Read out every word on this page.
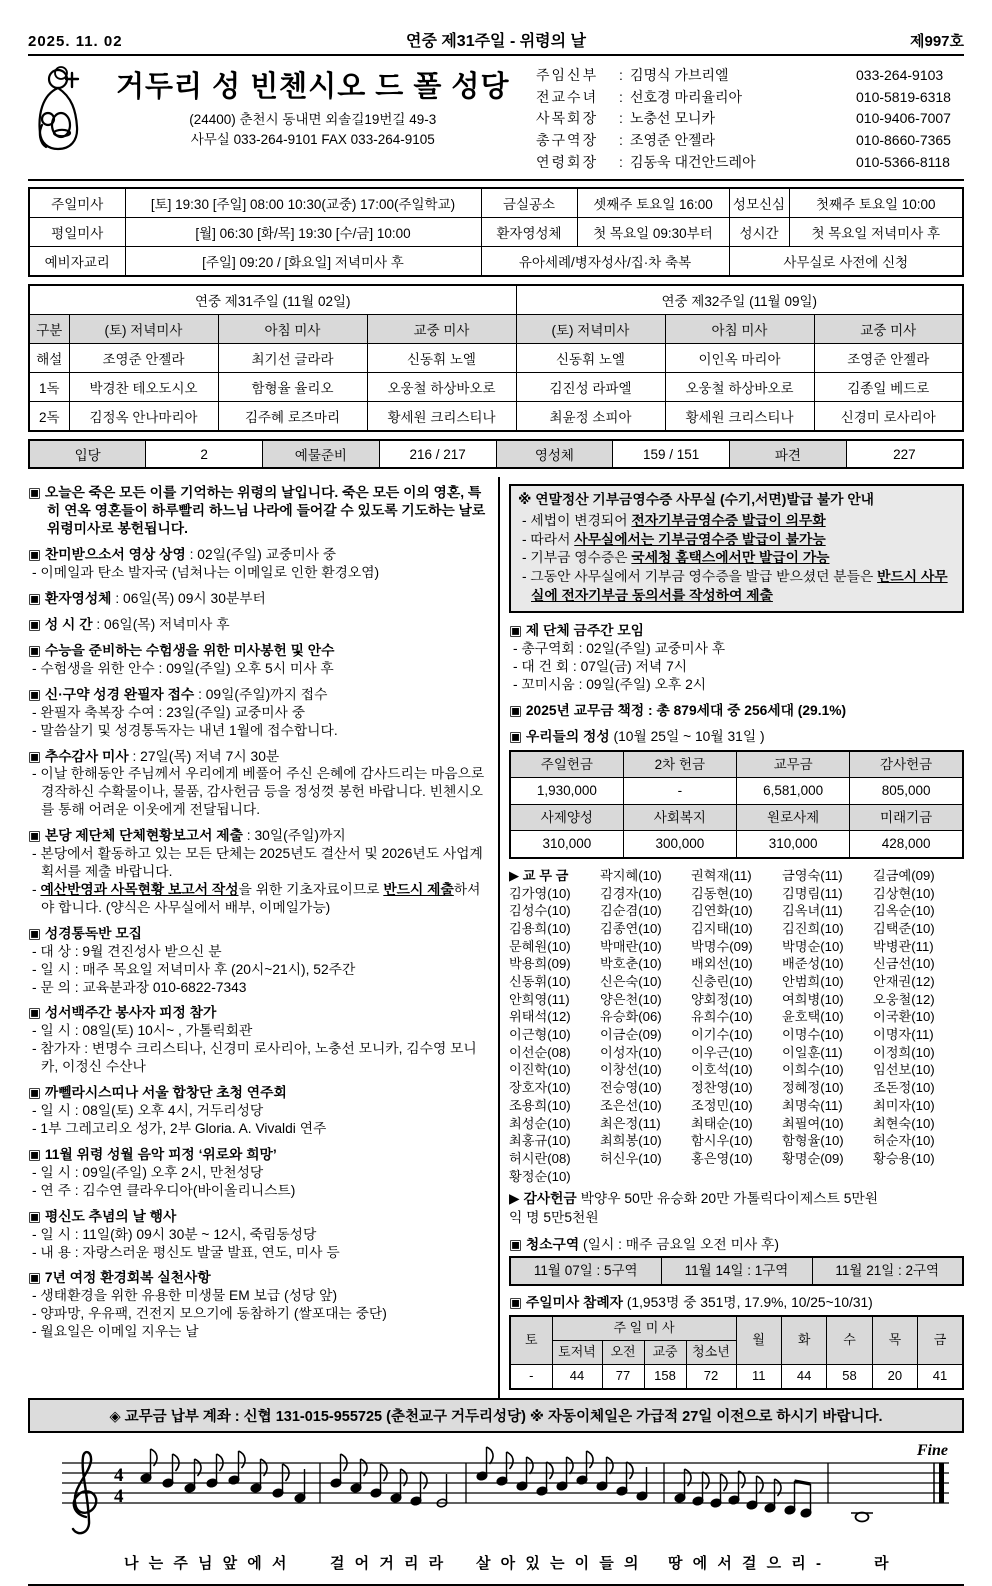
2025. 11. 02	연중 제31주일 - 위령의 날	제997호
거두리 성 빈첸시오 드 폴 성당
(24400) 춘천시 동내면 외솔길19번길 49-3
사무실 033-264-9101 FAX 033-264-9105
주임신부	: 김명식 가브리엘	033-264-9103
전교수녀	: 선호경 마리율리아	010-5819-6318
사목회장	: 노충선 모니카	010-9406-7007
총구역장	: 조영준 안젤라	010-8660-7365
연령회장	: 김동욱 대건안드레아	010-5366-8118
주일미사	[토] 19:30 [주일] 08:00 10:30(교중) 17:00(주일학교)	금실공소	셋째주 토요일 16:00	성모신심	첫째주 토요일 10:00
평일미사	[월] 06:30 [화/목] 19:30 [수/금] 10:00	환자영성체	첫 목요일 09:30부터	성시간	첫 목요일 저녁미사 후
예비자교리	[주일] 09:20 / [화요일] 저녁미사 후	유아세례/병자성사/집·차 축복		사무실로 사전에 신청	
연중 제31주일 (11월 02일)				연중 제32주일 (11월 09일)		
구분	(토) 저녁미사	아침 미사	교중 미사	(토) 저녁미사	아침 미사	교중 미사
해설	조영준 안젤라	최기선 글라라	신동휘 노엘	신동휘 노엘	이인옥 마리아	조영준 안젤라
1독	박경찬 테오도시오	함형율 율리오	오웅철 하상바오로	김진성 라파엘	오웅철 하상바오로	김종일 베드로
2독	김정옥 안나마리아	김주혜 로즈마리	황세원 크리스티나	최윤정 소피아	황세원 크리스티나	신경미 로사리아
입당	2	예물준비	216 / 217	영성체	159 / 151	파견	227
▣ 오늘은 죽은 모든 이를 기억하는 위령의 날입니다. 죽은 모든 이의 영혼, 특히 연옥 영혼들이 하루빨리 하느님 나라에 들어갈 수 있도록 기도하는 날로 위령미사로 봉헌됩니다.
▣ 찬미받으소서 영상 상영 : 02일(주일) 교중미사 중
- 이메일과 탄소 발자국 (넘쳐나는 이메일로 인한 환경오염)
▣ 환자영성체 : 06일(목) 09시 30분부터
▣ 성 시 간 : 06일(목) 저녁미사 후
▣ 수능을 준비하는 수험생을 위한 미사봉헌 및 안수
- 수험생을 위한 안수 : 09일(주일) 오후 5시 미사 후
▣ 신·구약 성경 완필자 접수 : 09일(주일)까지 접수
- 완필자 축복장 수여 : 23일(주일) 교중미사 중
- 말씀살기 및 성경통독자는 내년 1월에 접수합니다.
▣ 추수감사 미사 : 27일(목) 저녁 7시 30분
- 이날 한해동안 주님께서 우리에게 베풀어 주신 은혜에 감사드리는 마음으로 경작하신 수확물이나, 물품, 감사헌금 등을 정성껏 봉헌 바랍니다. 빈첸시오를 통해 어려운 이웃에게 전달됩니다.
▣ 본당 제단체 단체현황보고서 제출 : 30일(주일)까지
- 본당에서 활동하고 있는 모든 단체는 2025년도 결산서 및 2026년도 사업계획서를 제출 바랍니다.
- 예산반영과 사목현황 보고서 작성을 위한 기초자료이므로 반드시 제출하셔야 합니다. (양식은 사무실에서 배부, 이메일가능)
▣ 성경통독반 모집
- 대 상 : 9월 견진성사 받으신 분
- 일 시 : 매주 목요일 저녁미사 후 (20시~21시), 52주간
- 문 의 : 교육분과장 010-6822-7343
▣ 성서백주간 봉사자 피정 참가
- 일 시 : 08일(토) 10시~ , 가톨릭회관
- 참가자 : 변명수 크리스티나, 신경미 로사리아, 노충선 모니카, 김수영 모니카, 이정신 수산나
▣ 까뻴라시스띠나 서울 합창단 초청 연주회
- 일 시 : 08일(토) 오후 4시, 거두리성당
- 1부 그레고리오 성가, 2부 Gloria. A. Vivaldi 연주
▣ 11월 위령 성월 음악 피정 ‘위로와 희망’
- 일 시 : 09일(주일) 오후 2시, 만천성당
- 연 주 : 김수연 클라우디아(바이올리니스트)
▣ 평신도 추념의 날 행사
- 일 시 : 11일(화) 09시 30분 ~ 12시, 죽림동성당
- 내 용 : 자랑스러운 평신도 발굴 발표, 연도, 미사 등
▣ 7년 여정 환경회복 실천사항
- 생태환경을 위한 유용한 미생물 EM 보급 (성당 앞)
- 양파망, 우유팩, 건전지 모으기에 동참하기 (쌀포대는 중단)
- 월요일은 이메일 지우는 날
※ 연말정산 기부금영수증 사무실 (수기,서면)발급 불가 안내
- 세법이 변경되어 전자기부금영수증 발급이 의무화
- 따라서 사무실에서는 기부금영수증 발급이 불가능
- 기부금 영수증은 국세청 홈택스에서만 발급이 가능
- 그동안 사무실에서 기부금 영수증을 발급 받으셨던 분들은 반드시 사무실에 전자기부금 동의서를 작성하여 제출
▣ 제 단체 금주간 모임
- 총구역회 : 02일(주일) 교중미사 후
- 대 건 회 : 07일(금) 저녁 7시
- 꼬미시움 : 09일(주일) 오후 2시
▣ 2025년 교무금 책정 : 총 879세대 중 256세대 (29.1%)
▣ 우리들의 정성 (10월 25일 ~ 10월 31일 )
주일헌금	2차 헌금	교무금	감사헌금
1,930,000	-	6,581,000	805,000
사제양성	사회복지	원로사제	미래기금
310,000	300,000	310,000	428,000
▶ 교 무 금	곽지혜(10)	권혁재(11)	금영숙(11)	길금예(09)
김가영(10)	김경자(10)	김동현(10)	김명림(11)	김상현(10)
김성수(10)	김순겸(10)	김연화(10)	김옥녀(11)	김옥순(10)
김용희(10)	김종연(10)	김지태(10)	김진희(10)	김택준(10)
문혜원(10)	박매란(10)	박명수(09)	박명순(10)	박병관(11)
박용희(09)	박호춘(10)	배외선(10)	배준성(10)	신금선(10)
신동휘(10)	신은숙(10)	신충린(10)	안범희(10)	안재권(12)
안희영(11)	양은천(10)	양회정(10)	여희병(10)	오웅철(12)
위태석(12)	유승화(06)	유희수(10)	윤호택(10)	이국환(10)
이근형(10)	이금순(09)	이기수(10)	이명수(10)	이명자(11)
이선순(08)	이성자(10)	이우근(10)	이일훈(11)	이정희(10)
이진학(10)	이창선(10)	이호석(10)	이희수(10)	임선보(10)
장호자(10)	전승영(10)	정찬영(10)	정혜정(10)	조돈정(10)
조용희(10)	조은선(10)	조정민(10)	최명숙(11)	최미자(10)
최성순(10)	최은정(11)	최태순(10)	최필여(10)	최현숙(10)
최홍규(10)	최희봉(10)	함시우(10)	함형율(10)	허순자(10)
허시란(08)	허신우(10)	홍은영(10)	황명순(09)	황승용(10)
황정순(10)
▶ 감사헌금 박양우 50만 유승화 20만 가톨릭다이제스트 5만원
익 명 5만5천원
▣ 청소구역 (일시 : 매주 금요일 오전 미사 후)
11월 07일 : 5구역	11월 14일 : 1구역	11월 21일 : 2구역
▣ 주일미사 참례자 (1,953명 중 351명, 17.9%, 10/25~10/31)
토	주 일 미 사				월	화	수	목	금
	토저녁	오전	교중	청소년					
-	44	77	158	72	11	44	58	20	41
◈ 교무금 납부 계좌 : 신협 131-015-955725 (춘천교구 거두리성당) ※ 자동이체일은 가급적 27일 이전으로 하시기 바랍니다.
4
4
Fine
나 는 주 님 앞 에 서	걸 어 거 리 라 살 아 있 는 이 들 의 땅 에 서 걸 으 리 -	라
